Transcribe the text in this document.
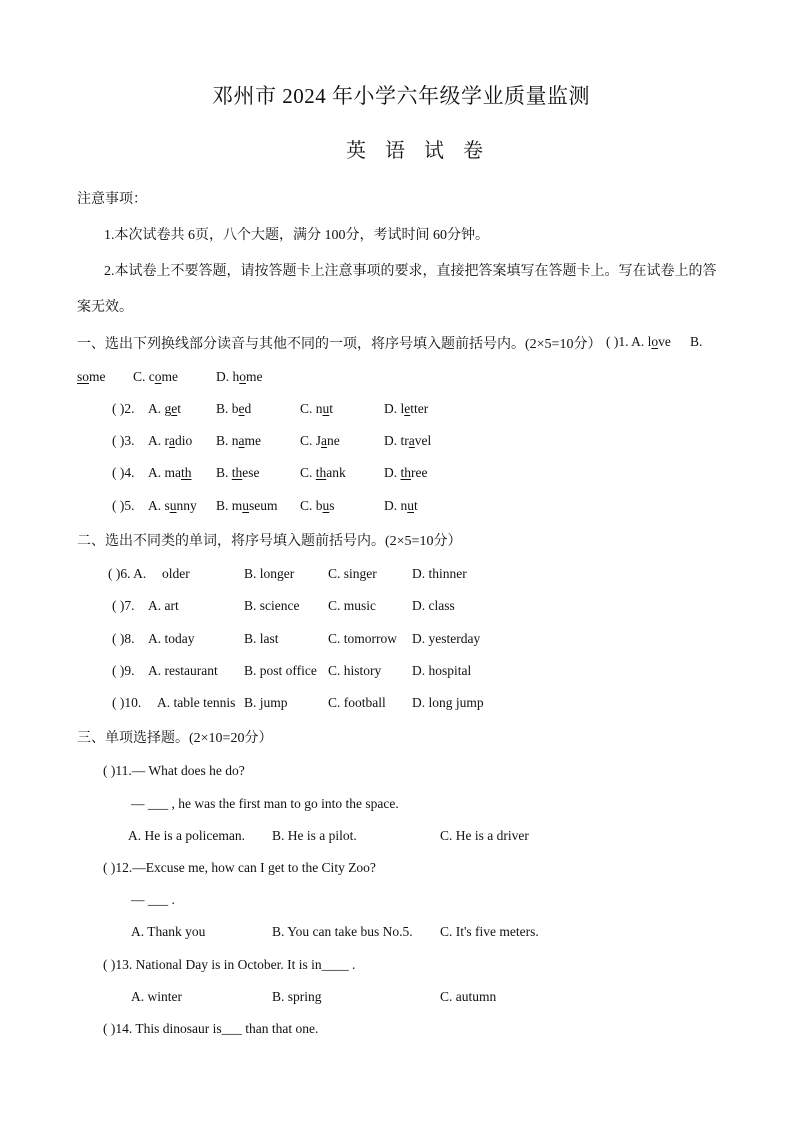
邓州市 2024 年小学六年级学业质量监测
英 语 试 卷
注意事项：
1.本次试卷共 6页，八个大题，满分 100分，考试时间 60分钟。
2.本试卷上不要答题，请按答题卡上注意事项的要求，直接把答案填写在答题卡上。写在试卷上的答
案无效。
一、选出下列换线部分读音与其他不同的一项，将序号填入题前括号内。(2×5=10分） ( )1. A. love B.
some C. come	D. home
( )2. A. get	B. bed	C. nut	D. letter
( )3. A. radio B. name	C. Jane	D. travel
( )4. A. math B. these	C. thank	D. three
( )5. A. sunny B. museum C. bus	D. nut
二、选出不同类的单词，将序号填入题前括号内。(2×5=10分）
( )6. A. older	B. longer	C. singer	D. thinner
( )7. A. art	B. science C. music	D. class
( )8. A. today	B. last	C. tomorrow D. yesterday
( )9. A. restaurant B. post office C. history D. hospital
( )10. A. table tennis B. jump	C. football D. long jump
三、单项选择题。(2×10=20分）
( )11.— What does he do?
— ___ , he was the first man to go into the space.
A. He is a policeman. B. He is a pilot.	C. He is a driver
( )12.—Excuse me, how can I get to the City Zoo?
— ___ .
A. Thank you	B. You can take bus No.5. C. It's five meters.
( )13. National Day is in October. It is in____ .
A. winter	B. spring	C. autumn
( )14. This dinosaur is___ than that one.
